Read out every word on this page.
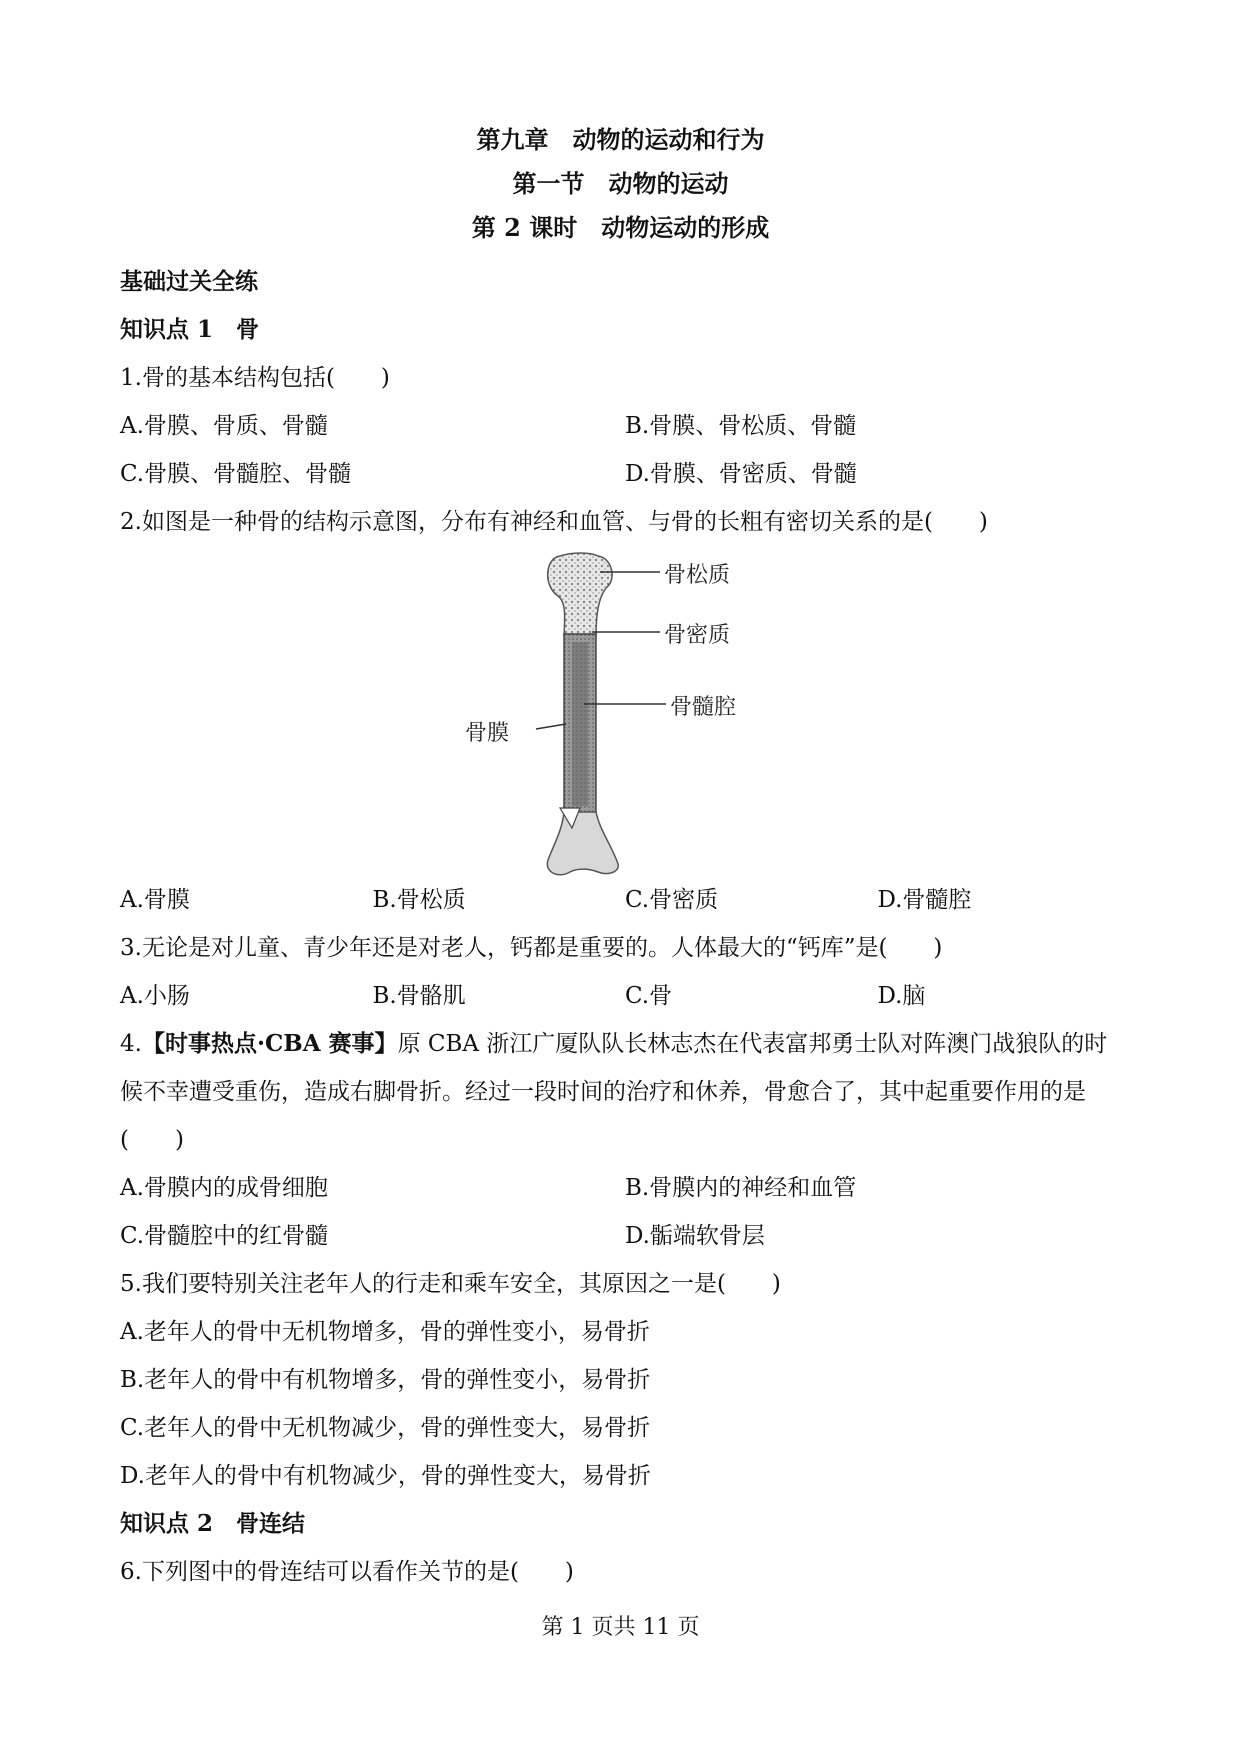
第九章　动物的运动和行为
第一节　动物的运动
第 2 课时　动物运动的形成
基础过关全练
知识点 1　骨
1.骨的基本结构包括(　　)
A.骨膜、骨质、骨髓	B.骨膜、骨松质、骨髓
C.骨膜、骨髓腔、骨髓	D.骨膜、骨密质、骨髓
2.如图是一种骨的结构示意图，分布有神经和血管、与骨的长粗有密切关系的是(　　)
骨松质
骨密质
骨髓腔
骨膜
A.骨膜	B.骨松质	C.骨密质	D.骨髓腔
3.无论是对儿童、青少年还是对老人，钙都是重要的。人体最大的“钙库”是(　　)
A.小肠	B.骨骼肌	C.骨	D.脑
4.【时事热点·CBA 赛事】原 CBA 浙江广厦队队长林志杰在代表富邦勇士队对阵澳门战狼队的时候不幸遭受重伤，造成右脚骨折。经过一段时间的治疗和休养，骨愈合了，其中起重要作用的是(　　)
A.骨膜内的成骨细胞	B.骨膜内的神经和血管
C.骨髓腔中的红骨髓	D.骺端软骨层
5.我们要特别关注老年人的行走和乘车安全，其原因之一是(　　)
A.老年人的骨中无机物增多，骨的弹性变小，易骨折
B.老年人的骨中有机物增多，骨的弹性变小，易骨折
C.老年人的骨中无机物减少，骨的弹性变大，易骨折
D.老年人的骨中有机物减少，骨的弹性变大，易骨折
知识点 2　骨连结
6.下列图中的骨连结可以看作关节的是(　　)
第 1 页共 11 页
